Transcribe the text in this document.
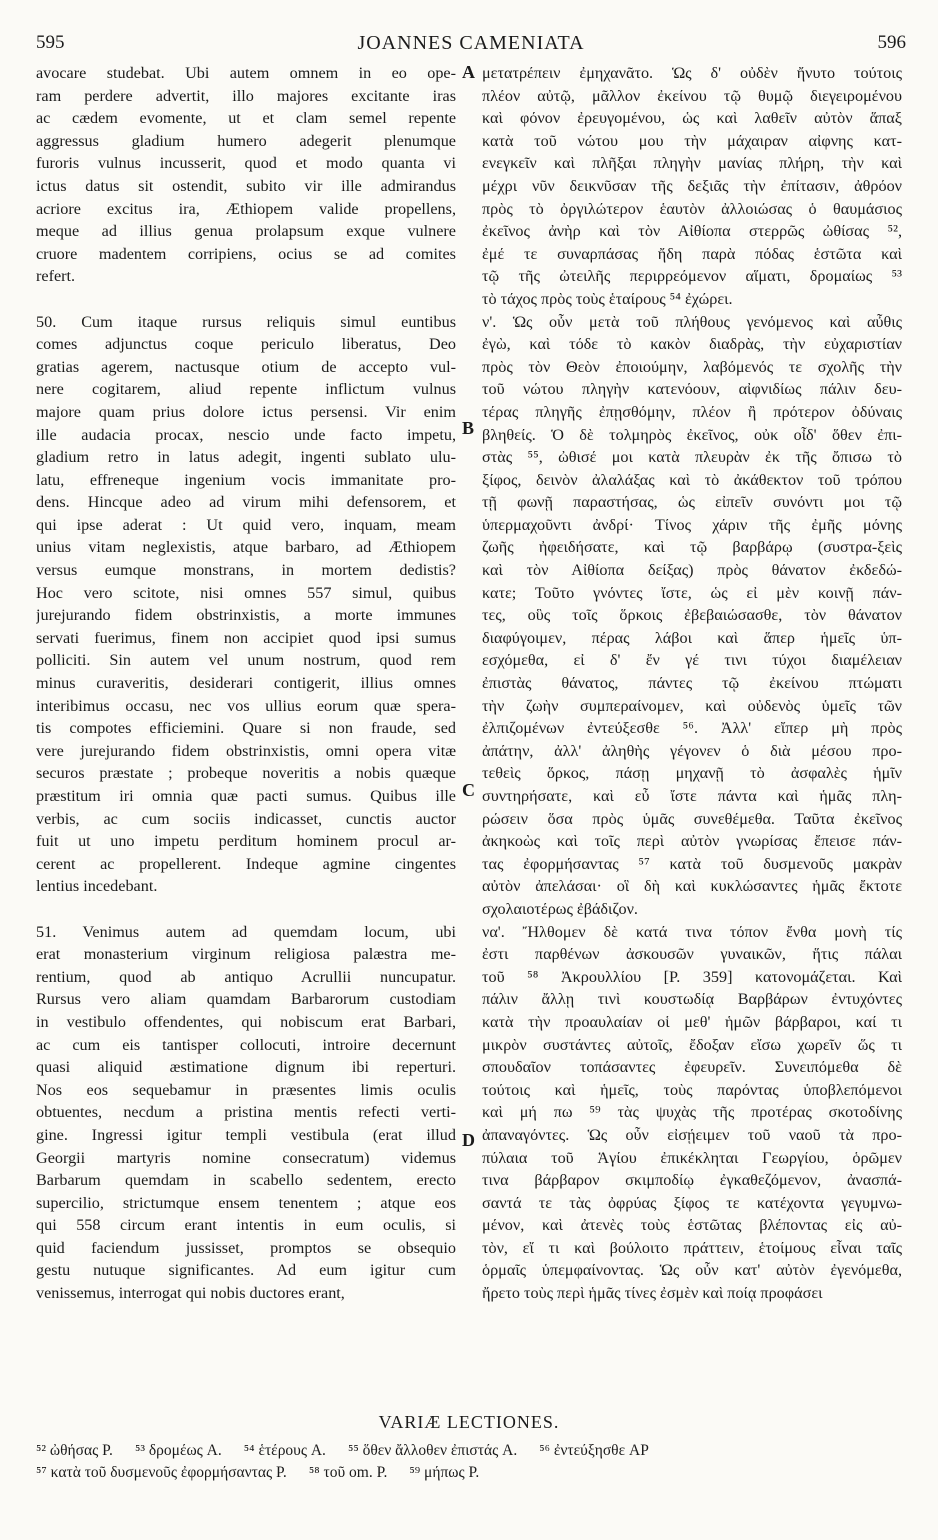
595	JOANNES CAMENIATA	596
avocare studebat. Ubi autem omnem in eo ope-
ram perdere advertit, illo majores excitante iras
ac cædem evomente, ut et clam semel repente
aggressus gladium humero adegerit plenumque
furoris vulnus incusserit, quod et modo quanta vi
ictus datus sit ostendit, subito vir ille admirandus
acriore excitus ira, Æthiopem valide propellens,
meque ad illius genua prolapsum exque vulnere
cruore madentem corripiens, ocius se ad comites
refert.
50. Cum itaque rursus reliquis simul euntibus
comes adjunctus coque periculo liberatus, Deo
gratias agerem, nactusque otium de accepto vul-
nere cogitarem, aliud repente inflictum vulnus
majore quam prius dolore ictus persensi. Vir enim
ille audacia procax, nescio unde facto impetu,
gladium retro in latus adegit, ingenti sublato ulu-
latu, effreneque ingenium vocis immanitate pro-
dens. Hincque adeo ad virum mihi defensorem, et
qui ipse aderat : Ut quid vero, inquam, meam
unius vitam neglexistis, atque barbaro, ad Æthiopem
versus eumque monstrans, in mortem dedistis?
Hoc vero scitote, nisi omnes 557 simul, quibus
jurejurando fidem obstrinxistis, a morte immunes
servati fuerimus, finem non accipiet quod ipsi sumus
polliciti. Sin autem vel unum nostrum, quod rem
minus curaveritis, desiderari contigerit, illius omnes
interibimus occasu, nec vos ullius eorum quæ spera-
tis compotes efficiemini. Quare si non fraude, sed
vere jurejurando fidem obstrinxistis, omni opera vitæ
securos præstate ; probeque noveritis a nobis quæque
præstitum iri omnia quæ pacti sumus. Quibus ille
verbis, ac cum sociis indicasset, cunctis auctor
fuit ut uno impetu perditum hominem procul ar-
cerent ac propellerent. Indeque agmine cingentes
lentius incedebant.
51. Venimus autem ad quemdam locum, ubi
erat monasterium virginum religiosa palæstra me-
rentium, quod ab antiquo Acrullii nuncupatur.
Rursus vero aliam quamdam Barbarorum custodiam
in vestibulo offendentes, qui nobiscum erat Barbari,
ac cum eis tantisper collocuti, introire decernunt
quasi aliquid æstimatione dignum ibi reperturi.
Nos eos sequebamur in præsentes limis oculis
obtuentes, necdum a pristina mentis refecti verti-
gine. Ingressi igitur templi vestibula (erat illud
Georgii martyris nomine consecratum) videmus
Barbarum quemdam in scabello sedentem, erecto
supercilio, strictumque ensem tenentem ; atque eos
qui 558 circum erant intentis in eum oculis, si
quid faciendum jussisset, promptos se obsequio
gestu nutuque significantes. Ad eum igitur cum
venissemus, interrogat qui nobis ductores erant,
A
B
C
D
μετατρέπειν ἐμηχανᾶτο. Ὡς δ' οὐδὲν ἤνυτο τούτοις
πλέον αὐτῷ, μᾶλλον ἐκείνου τῷ θυμῷ διεγειρομένου
καὶ φόνον ἐρευγομένου, ὡς καὶ λαθεῖν αὐτὸν ἅπαξ
κατὰ τοῦ νώτου μου τὴν μάχαιραν αἰφνης κατ-
ενεγκεῖν καὶ πλῆξαι πληγὴν μανίας πλήρη, τὴν καὶ
μέχρι νῦν δεικνῦσαν τῆς δεξιᾶς τὴν ἐπίτασιν, ἀθρόον
πρὸς τὸ ὀργιλώτερον ἑαυτὸν ἀλλοιώσας ὁ θαυμάσιος
ἐκεῖνος ἀνὴρ καὶ τὸν Αἰθίοπα στερρῶς ὠθίσας ⁵²,
ἐμέ τε συναρπάσας ἤδη παρὰ πόδας ἑστῶτα καὶ
τῷ τῆς ὠτειλῆς περιρρεόμενον αἵματι, δρομαίως ⁵³
τὸ τάχος πρὸς τοὺς ἑταίρους ⁵⁴ ἐχώρει.
ν'. Ὡς οὖν μετὰ τοῦ πλήθους γενόμενος καὶ αὖθις
ἐγὼ, καὶ τόδε τὸ κακὸν διαδρὰς, τὴν εὐχαριστίαν
πρὸς τὸν Θεὸν ἐποιούμην, λαβόμενός τε σχολῆς τὴν
τοῦ νώτου πληγὴν κατενόουν, αἰφνιδίως πάλιν δευ-
τέρας πληγῆς ἐπῃσθόμην, πλέον ἢ πρότερον ὀδύναις
βληθείς. Ὁ δὲ τολμηρὸς ἐκεῖνος, οὐκ οἶδ' ὅθεν ἐπι-
στὰς ⁵⁵, ὠθισέ μοι κατὰ πλευρὰν ἐκ τῆς ὄπισω τὸ
ξίφος, δεινὸν ἀλαλάξας καὶ τὸ ἀκάθεκτον τοῦ τρόπου
τῇ φωνῇ παραστήσας, ὡς εἰπεῖν συνόντι μοι τῷ
ὑπερμαχοῦντι ἀνδρί· Τίνος χάριν τῆς ἐμῆς μόνης
ζωῆς ἠφειδήσατε, καὶ τῷ βαρβάρῳ (συστρα-ξεὶς
καὶ τὸν Αἰθίοπα δείξας) πρὸς θάνατον ἐκδεδώ-
κατε; Τοῦτο γνόντες ἴστε, ὡς εἰ μὲν κοινῇ πάν-
τες, οὓς τοῖς ὅρκοις ἐβεβαιώσασθε, τὸν θάνατον
διαφύγοιμεν, πέρας λάβοι καὶ ἅπερ ἡμεῖς ὑπ-
εσχόμεθα, εἰ δ' ἔν γέ τινι τύχοι διαμέλειαν
ἐπιστὰς θάνατος, πάντες τῷ ἐκείνου πτώματι
τὴν ζωὴν συμπεραίνομεν, καὶ οὐδενὸς ὑμεῖς τῶν
ἐλπιζομένων ἐντεύξεσθε ⁵⁶. Ἀλλ' εἴπερ μὴ πρὸς
ἀπάτην, ἀλλ' ἀληθὴς γέγονεν ὁ διὰ μέσου προ-
τεθεὶς ὅρκος, πάσῃ μηχανῇ τὸ ἀσφαλὲς ἡμῖν
συντηρήσατε, καὶ εὖ ἴστε πάντα καὶ ἡμᾶς πλη-
ρώσειν ὅσα πρὸς ὑμᾶς συνεθέμεθα. Ταῦτα ἐκεῖνος
ἀκηκοὼς καὶ τοῖς περὶ αὐτὸν γνωρίσας ἔπεισε πάν-
τας ἐφορμήσαντας ⁵⁷ κατὰ τοῦ δυσμενοῦς μακρὰν
αὐτὸν ἀπελάσαι· οἳ δὴ καὶ κυκλώσαντες ἡμᾶς ἔκτοτε
σχολαιοτέρως ἐβάδιζον.
να'. Ἤλθομεν δὲ κατά τινα τόπον ἔνθα μονὴ τίς
ἐστι παρθένων ἀσκουσῶν γυναικῶν, ἥτις πάλαι
τοῦ ⁵⁸ Ἀκρουλλίου [P. 359] κατονομάζεται. Καὶ
πάλιν ἄλλῃ τινὶ κουστωδίᾳ Βαρβάρων ἐντυχόντες
κατὰ τὴν προαυλαίαν οἱ μεθ' ἡμῶν βάρβαροι, καί τι
μικρὸν συστάντες αὐτοῖς, ἔδοξαν εἴσω χωρεῖν ὥς τι
σπουδαῖον τοπάσαντες ἐφευρεῖν. Συνειπόμεθα δὲ
τούτοις καὶ ἡμεῖς, τοὺς παρόντας ὑποβλεπόμενοι
καὶ μή πω ⁵⁹ τὰς ψυχὰς τῆς προτέρας σκοτοδίνης
ἀπαναγόντες. Ὡς οὖν εἰσῄειμεν τοῦ ναοῦ τὰ προ-
πύλαια τοῦ Ἁγίου ἐπικέκληται Γεωργίου, ὁρῶμεν
τινα βάρβαρον σκιμποδίῳ ἐγκαθεζόμενον, ἀνασπά-
σαντά τε τὰς ὀφρύας ξίφος τε κατέχοντα γεγυμνω-
μένον, καὶ ἀτενὲς τοὺς ἑστῶτας βλέποντας εἰς αὐ-
τὸν, εἴ τι καὶ βούλοιτο πράττειν, ἑτοίμους εἶναι ταῖς
ὁρμαῖς ὑπεμφαίνοντας. Ὡς οὖν κατ' αὐτὸν ἐγενόμεθα,
ἤρετο τοὺς περὶ ἡμᾶς τίνες ἐσμὲν καὶ ποίᾳ προφάσει
VARIÆ LECTIONES.
⁵² ὠθήσας P. ⁵³ δρομέως A. ⁵⁴ ἑτέρους A. ⁵⁵ ὅθεν ἄλλοθεν ἐπιστάς A. ⁵⁶ ἐντεύξησθε AP
⁵⁷ κατὰ τοῦ δυσμενοῦς ἐφορμήσαντας P. ⁵⁸ τοῦ om. P. ⁵⁹ μήπως P.
